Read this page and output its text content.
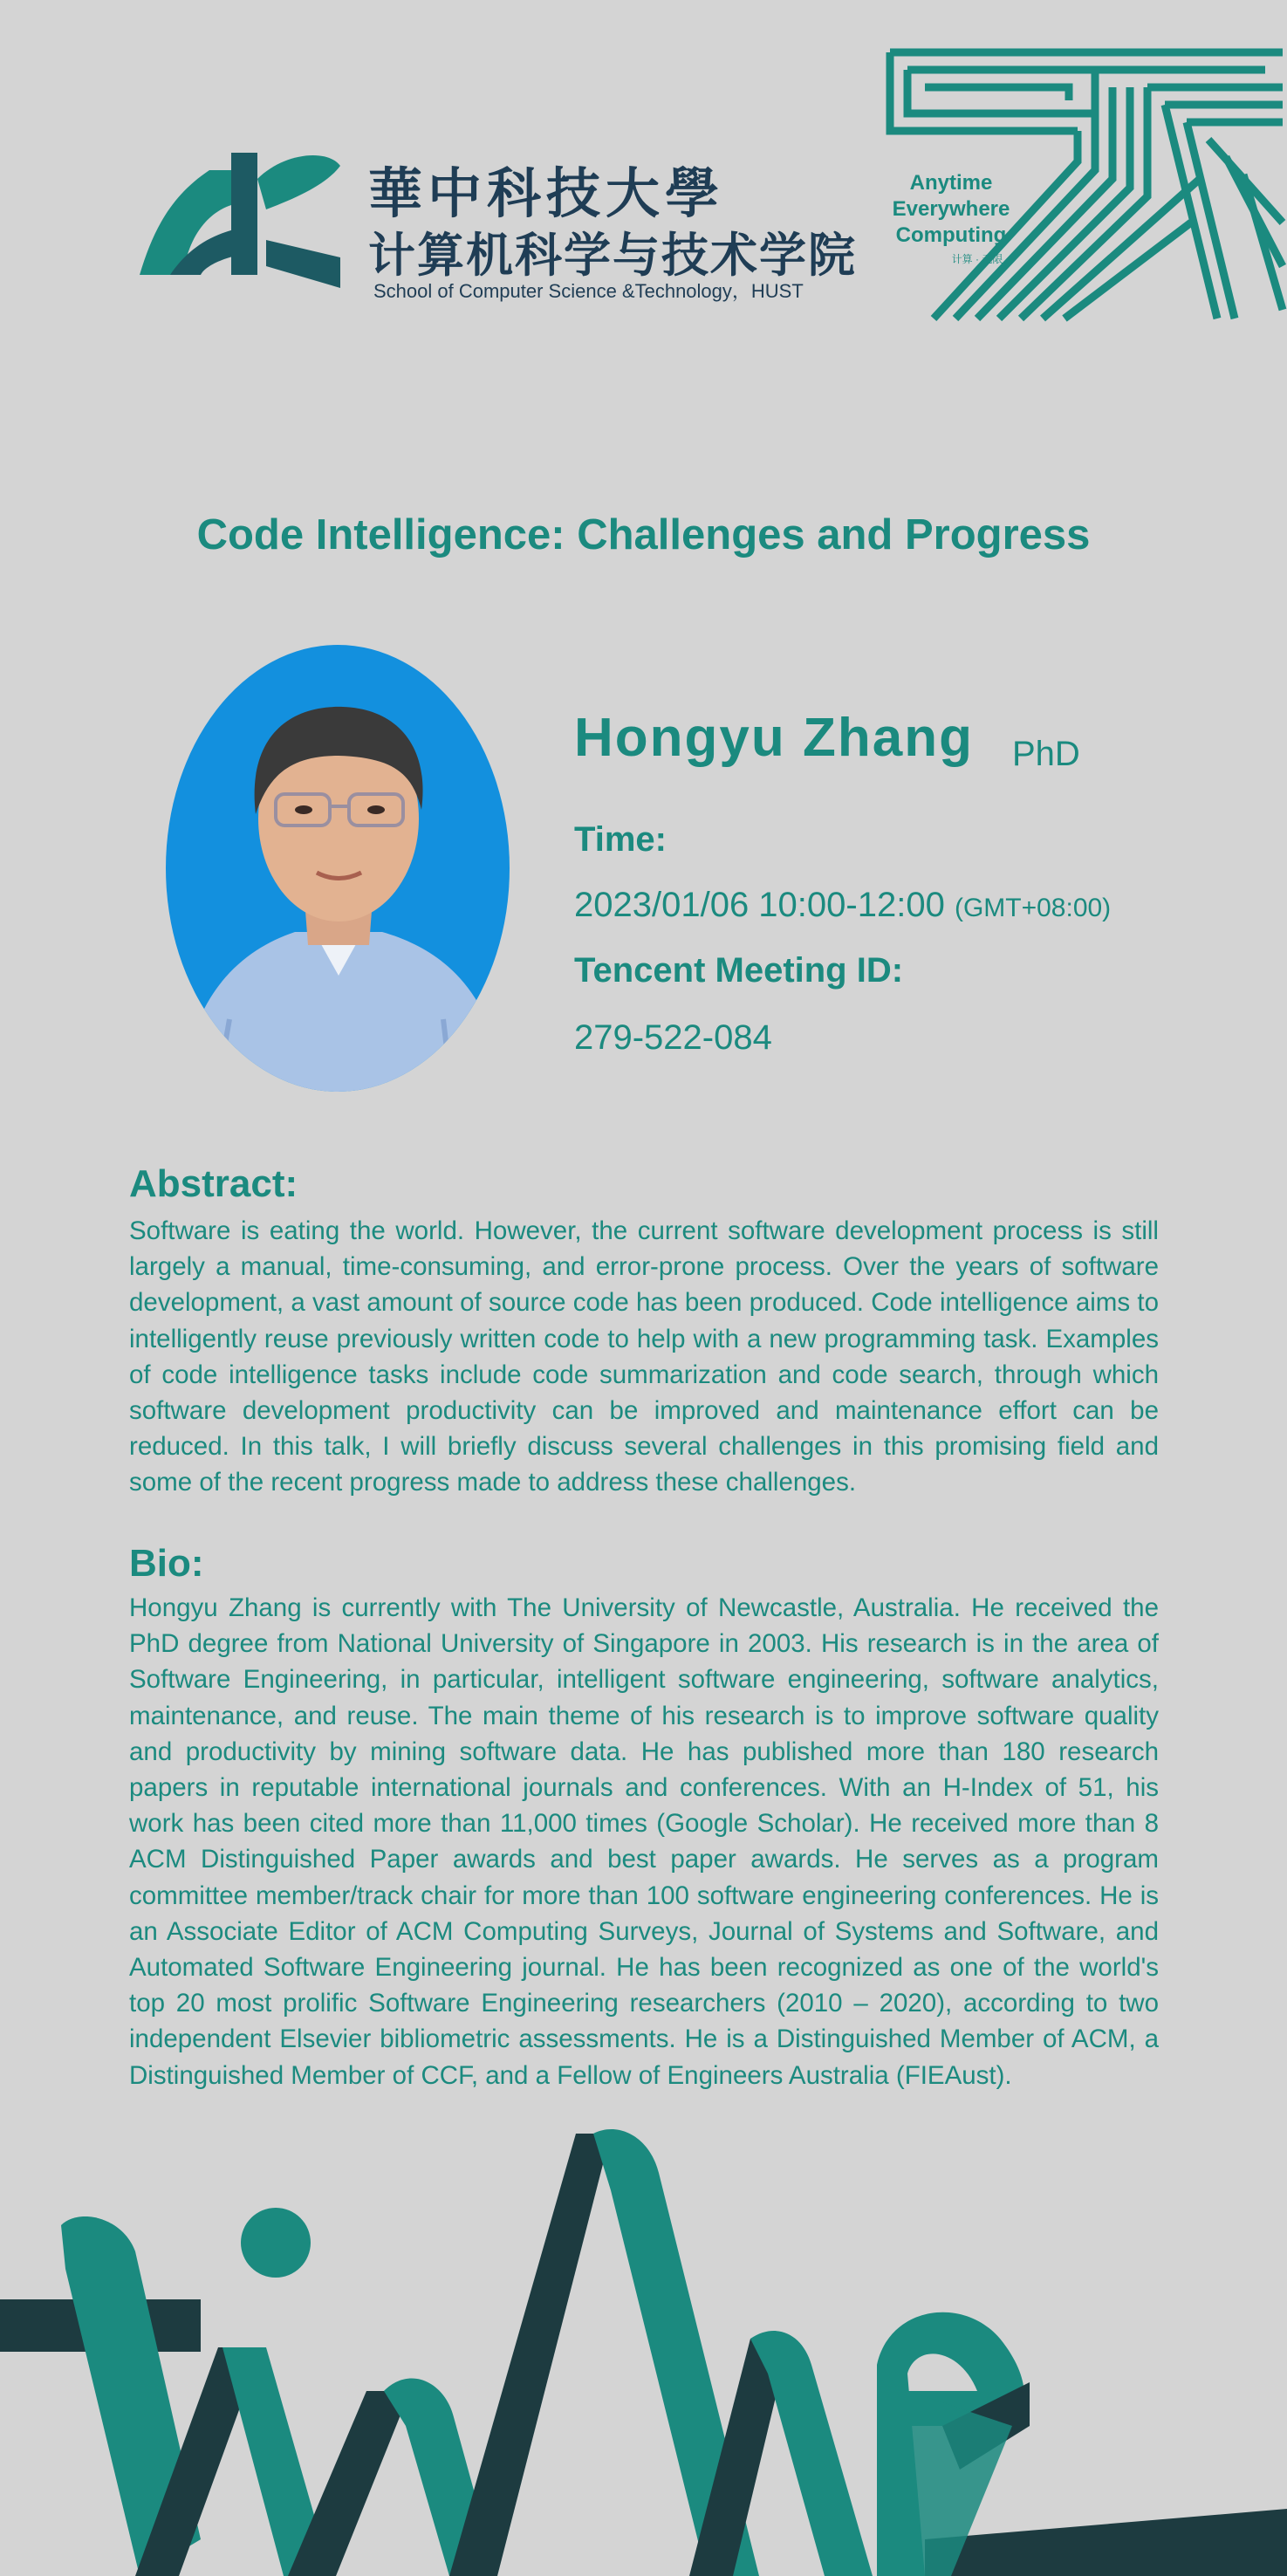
華中科技大學
计算机科学与技术学院
School of Computer Science &Technology，HUST
Anytime
Everywhere
Computing
计算 · 无限
Code Intelligence: Challenges and Progress
Hongyu Zhang PhD
Time:
2023/01/06 10:00-12:00 (GMT+08:00)
Tencent Meeting ID:
279-522-084
Abstract:
Software is eating the world. However, the current software development process is still largely a manual, time-consuming, and error-prone process. Over the years of software development, a vast amount of source code has been produced. Code intelligence aims to intelligently reuse previously written code to help with a new programming task. Examples of code intelligence tasks include code summarization and code search, through which software development productivity can be improved and maintenance effort can be reduced. In this talk, I will briefly discuss several challenges in this promising field and some of the recent progress made to address these challenges.
Bio:
Hongyu Zhang is currently with The University of Newcastle, Australia. He received the PhD degree from National University of Singapore in 2003. His research is in the area of Software Engineering, in particular, intelligent software engineering, software analytics, maintenance, and reuse. The main theme of his research is to improve software quality and productivity by mining software data. He has published more than 180 research papers in reputable international journals and conferences. With an H-Index of 51, his work has been cited more than 11,000 times (Google Scholar). He received more than 8 ACM Distinguished Paper awards and best paper awards. He serves as a program committee member/track chair for more than 100 software engineering conferences. He is an Associate Editor of ACM Computing Surveys, Journal of Systems and Software, and Automated Software Engineering journal. He has been recognized as one of the world's top 20 most prolific Software Engineering researchers (2010 – 2020), according to two independent Elsevier bibliometric assessments. He is a Distinguished Member of ACM, a Distinguished Member of CCF, and a Fellow of Engineers Australia (FIEAust).
